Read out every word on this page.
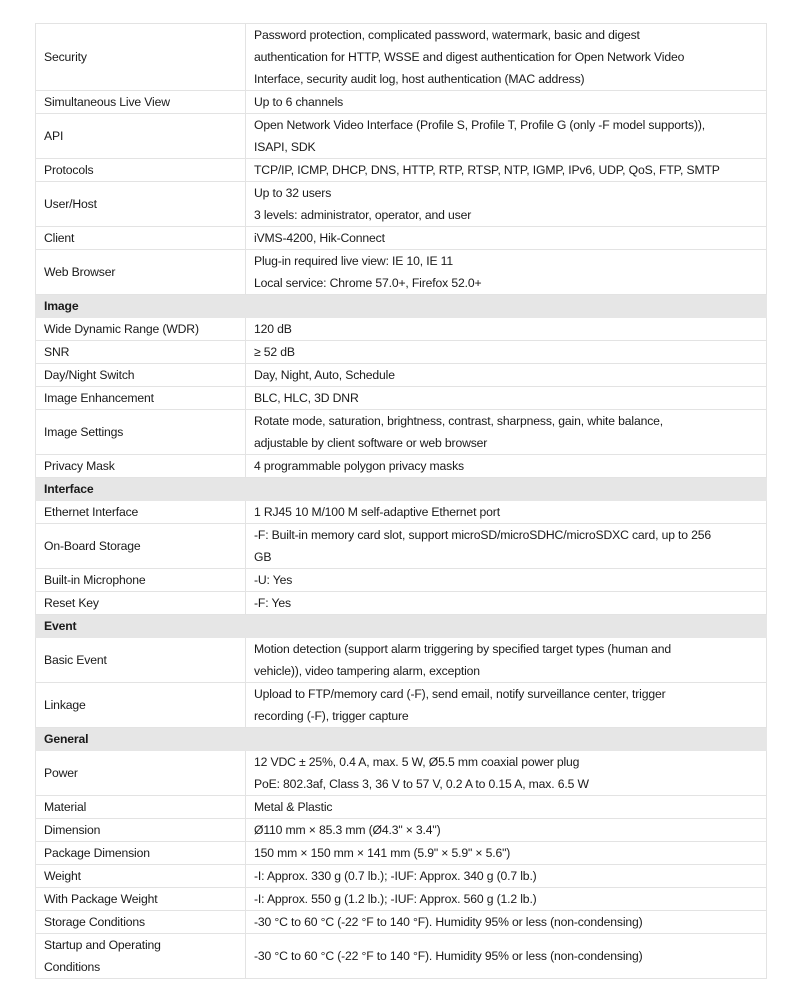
Security	Password protection, complicated password, watermark, basic and digest
authentication for HTTP, WSSE and digest authentication for Open Network Video
Interface, security audit log, host authentication (MAC address)

Simultaneous Live View	Up to 6 channels

API	Open Network Video Interface (Profile S, Profile T, Profile G (only -F model supports)),
ISAPI, SDK

Protocols	TCP/IP, ICMP, DHCP, DNS, HTTP, RTP, RTSP, NTP, IGMP, IPv6, UDP, QoS, FTP, SMTP

User/Host	Up to 32 users
3 levels: administrator, operator, and user

Client	iVMS-4200, Hik-Connect

Web Browser	Plug-in required live view: IE 10, IE 11
Local service: Chrome 57.0+, Firefox 52.0+

Image	
Wide Dynamic Range (WDR)	120 dB

SNR	≥ 52 dB

Day/Night Switch	Day, Night, Auto, Schedule

Image Enhancement	BLC, HLC, 3D DNR

Image Settings	Rotate mode, saturation, brightness, contrast, sharpness, gain, white balance,
adjustable by client software or web browser

Privacy Mask	4 programmable polygon privacy masks

Interface	
Ethernet Interface	1 RJ45 10 M/100 M self-adaptive Ethernet port

On-Board Storage	-F: Built-in memory card slot, support microSD/microSDHC/microSDXC card, up to 256
GB

Built-in Microphone	-U: Yes

Reset Key	-F: Yes

Event	
Basic Event	Motion detection (support alarm triggering by specified target types (human and
vehicle)), video tampering alarm, exception

Linkage	Upload to FTP/memory card (-F), send email, notify surveillance center, trigger
recording (-F), trigger capture

General	
Power	12 VDC ± 25%, 0.4 A, max. 5 W, Ø5.5 mm coaxial power plug
PoE: 802.3af, Class 3, 36 V to 57 V, 0.2 A to 0.15 A, max. 6.5 W

Material	Metal & Plastic

Dimension	Ø110 mm × 85.3 mm (Ø4.3" × 3.4")

Package Dimension	150 mm × 150 mm × 141 mm (5.9" × 5.9" × 5.6")

Weight	-I: Approx. 330 g (0.7 lb.); -IUF: Approx. 340 g (0.7 lb.)

With Package Weight	-I: Approx. 550 g (1.2 lb.); -IUF: Approx. 560 g (1.2 lb.)

Storage Conditions	-30 °C to 60 °C (-22 °F to 140 °F). Humidity 95% or less (non-condensing)

Startup and Operating
Conditions	-30 °C to 60 °C (-22 °F to 140 °F). Humidity 95% or less (non-condensing)
